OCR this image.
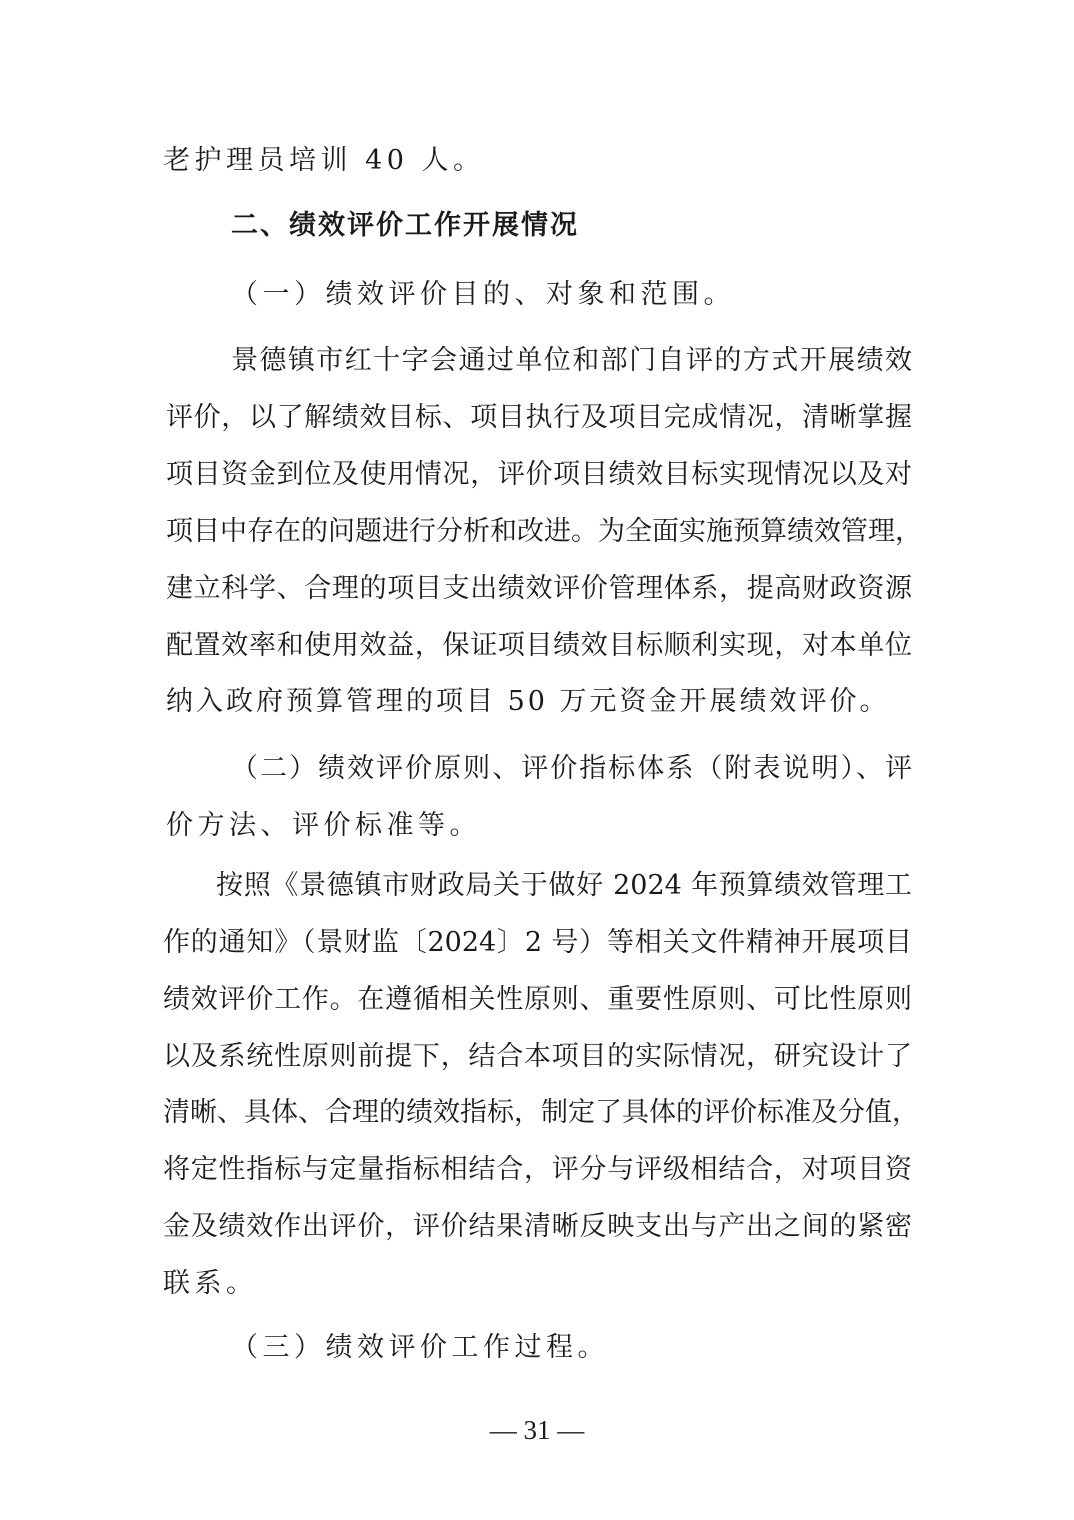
老护理员培训 40 人。
二、绩效评价工作开展情况
（一）绩效评价目的、对象和范围。
景德镇市红十字会通过单位和部门自评的方式开展绩效
评价，以了解绩效目标、项目执行及项目完成情况，清晰掌握
项目资金到位及使用情况，评价项目绩效目标实现情况以及对
项目中存在的问题进行分析和改进。为全面实施预算绩效管理，
建立科学、合理的项目支出绩效评价管理体系，提高财政资源
配置效率和使用效益，保证项目绩效目标顺利实现，对本单位
纳入政府预算管理的项目 50 万元资金开展绩效评价。
（二）绩效评价原则、评价指标体系（附表说明）、评
价方法、评价标准等。
按照《景德镇市财政局关于做好 2024 年预算绩效管理工
作的通知》（景财监〔2024〕2 号）等相关文件精神开展项目
绩效评价工作。在遵循相关性原则、重要性原则、可比性原则
以及系统性原则前提下，结合本项目的实际情况，研究设计了
清晰、具体、合理的绩效指标，制定了具体的评价标准及分值，
将定性指标与定量指标相结合，评分与评级相结合，对项目资
金及绩效作出评价，评价结果清晰反映支出与产出之间的紧密
联系。
（三）绩效评价工作过程。
— 31 —
